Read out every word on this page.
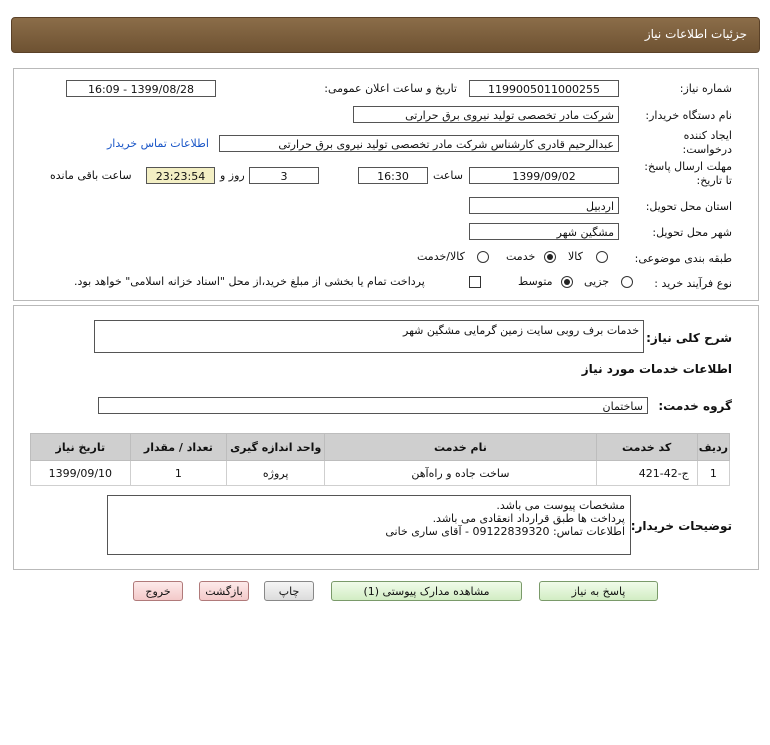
جزئیات اطلاعات نیاز
شماره نیاز:
1199005011000255
تاریخ و ساعت اعلان عمومی:
1399/08/28 - 16:09
نام دستگاه خریدار:
شرکت مادر تخصصی تولید نیروی برق حرارتی
ایجاد کننده
درخواست:
عبدالرحیم قادری کارشناس شرکت مادر تخصصی تولید نیروی برق حرارتی
اطلاعات تماس خریدار
مهلت ارسال پاسخ:
تا تاریخ:
1399/09/02
ساعت
16:30
3
روز و
23:23:54
ساعت باقی مانده
استان محل تحویل:
اردبیل
شهر محل تحویل:
مشگین شهر
طبقه بندی موضوعی:
کالا
خدمت
کالا/خدمت
نوع فرآیند خرید :
جزیی
متوسط
پرداخت تمام یا بخشی از مبلغ خرید،از محل "اسناد خزانه اسلامی" خواهد بود.
شرح کلی نیاز:
خدمات برف روبی سایت زمین گرمایی مشگین شهر
اطلاعات خدمات مورد نیاز
گروه خدمت:
ساختمان
ردیف	کد خدمت	نام خدمت	واحد اندازه گیری	تعداد / مقدار	تاریخ نیاز
1	ج-42-421	ساخت جاده و راه‌آهن	پروژه	1	1399/09/10
توضیحات خریدار:
مشخصات پیوست می باشد.
پرداخت ها طبق قرارداد انعقادی می باشد.
اطلاعات تماس: 09122839320 - آقای ساری خانی
پاسخ به نیاز
مشاهده مدارک پیوستی (1)
چاپ
بازگشت
خروج
